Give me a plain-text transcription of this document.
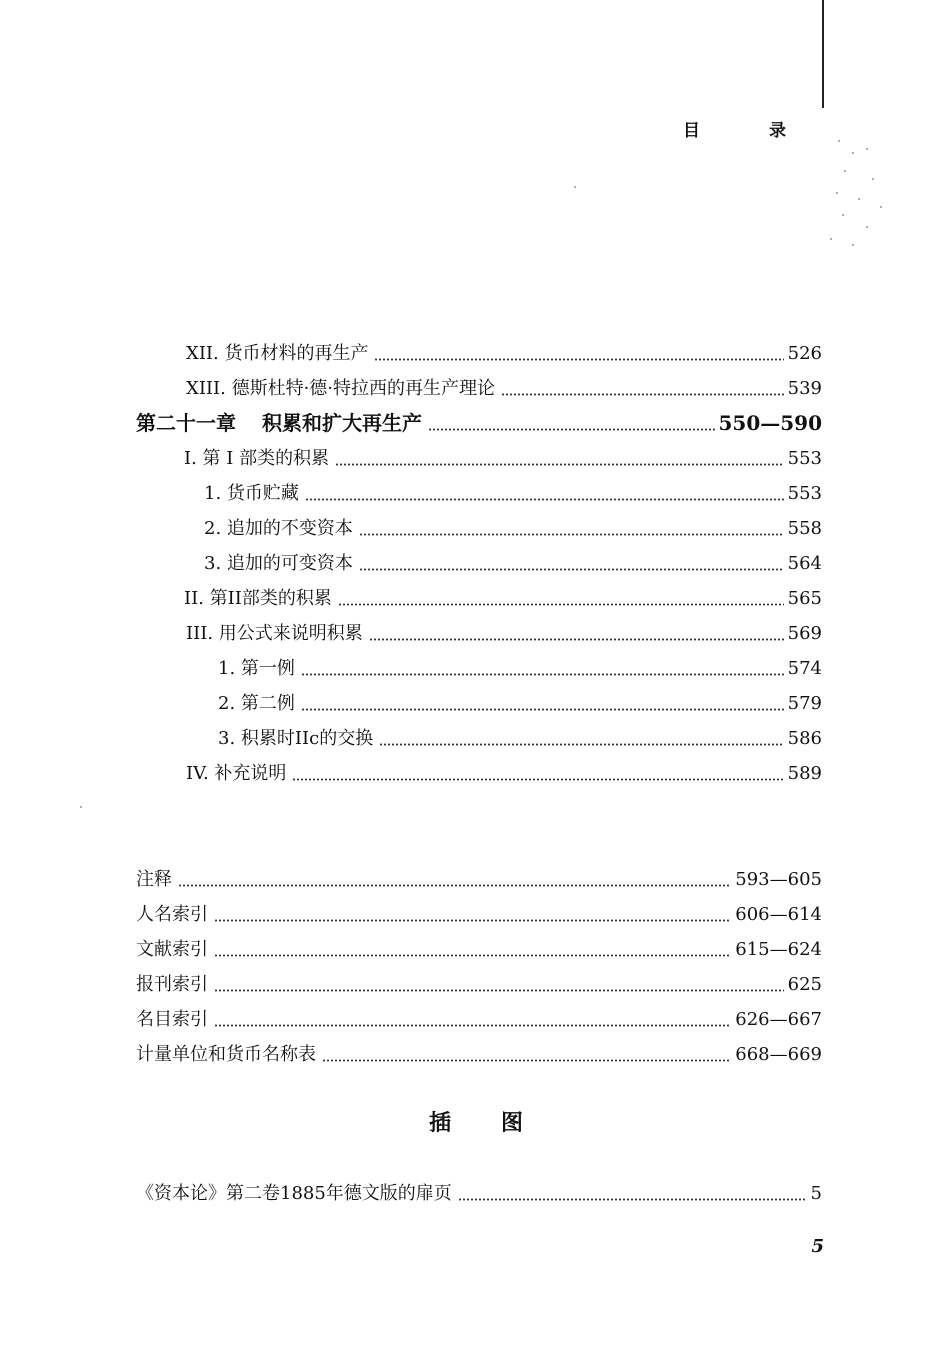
目　录
XII. 货币材料的再生产	526
XIII. 德斯杜特·德·特拉西的再生产理论	539
第二十一章 积累和扩大再生产	550—590
I. 第 I 部类的积累	553
1. 货币贮藏	553
2. 追加的不变资本	558
3. 追加的可变资本	564
II. 第II部类的积累	565
III. 用公式来说明积累	569
1. 第一例	574
2. 第二例	579
3. 积累时IIc的交换	586
IV. 补充说明	589
注释	593—605
人名索引	606—614
文献索引	615—624
报刊索引	625
名目索引	626—667
计量单位和货币名称表	668—669
插图
《资本论》第二卷1885年德文版的扉页	5
5
